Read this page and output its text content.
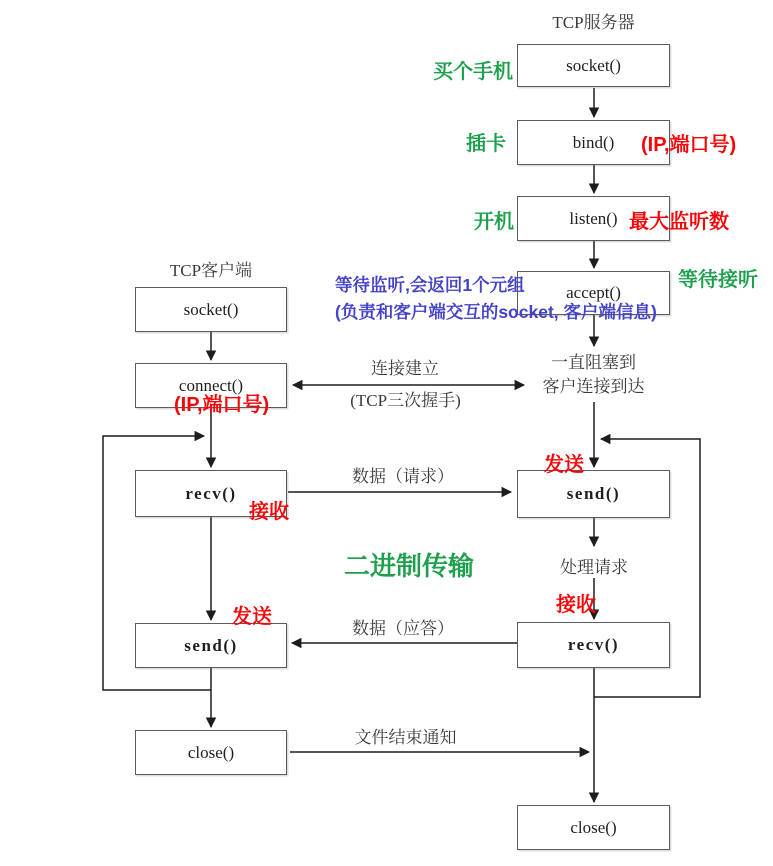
TCP服务器
TCP客户端
socket()
bind()
listen()
accept()
send()
recv()
close()
socket()
connect()
recv()
send()
close()
连接建立
(TCP三次握手)
数据（请求）
数据（应答）
文件结束通知
一直阻塞到
客户连接到达
处理请求
买个手机
插卡
开机
等待接听
二进制传输
(IP,端口号)
最大监听数
(IP,端口号)
接收
发送
发送
接收
等待监听,会返回1个元组
(负责和客户端交互的socket, 客户端信息)
